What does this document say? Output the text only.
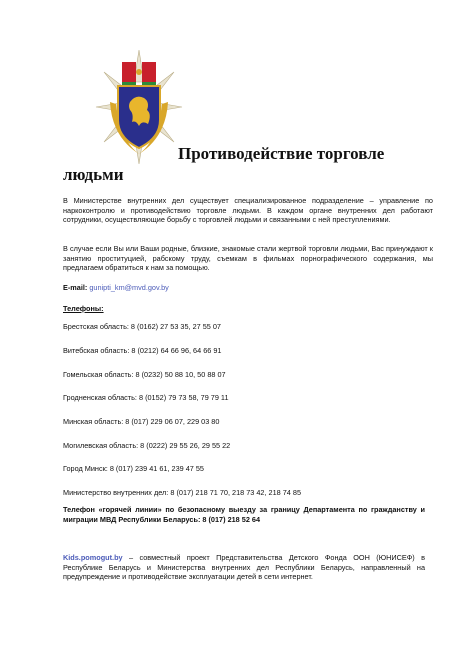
Противодействие торговле
людьми
В Министерстве внутренних дел существует специализированное подразделение – управление по наркоконтролю и противодействию торговле людьми. В каждом органе внутренних дел работают сотрудники, осуществляющие борьбу с торговлей людьми и связанными с ней преступлениями.
В случае если Вы или Ваши родные, близкие, знакомые стали жертвой торговли людьми, Вас принуждают к занятию проституцией, рабскому труду, съемкам в фильмах порнографического содержания, мы предлагаем обратиться к нам за помощью.
E-mail: gunipti_km@mvd.gov.by
Телефоны:
Брестская область: 8 (0162) 27 53 35, 27 55 07
Витебская область: 8 (0212) 64 66 96, 64 66 91
Гомельская область: 8 (0232) 50 88 10, 50 88 07
Гродненская область: 8 (0152) 79 73 58, 79 79 11
Минская область: 8 (017) 229 06 07, 229 03 80
Могилевская область: 8 (0222) 29 55 26, 29 55 22
Город Минск: 8 (017) 239 41 61, 239 47 55
Министерство внутренних дел: 8 (017) 218 71 70, 218 73 42, 218 74 85
Телефон «горячей линии» по безопасному выезду за границу Департамента по гражданству и миграции МВД Республики Беларусь: 8 (017) 218 52 64
Kids.pomogut.by – совместный проект Представительства Детского Фонда ООН (ЮНИСЕФ) в Республике Беларусь и Министерства внутренних дел Республики Беларусь, направленный на предупреждение и противодействие эксплуатации детей в сети интернет.
